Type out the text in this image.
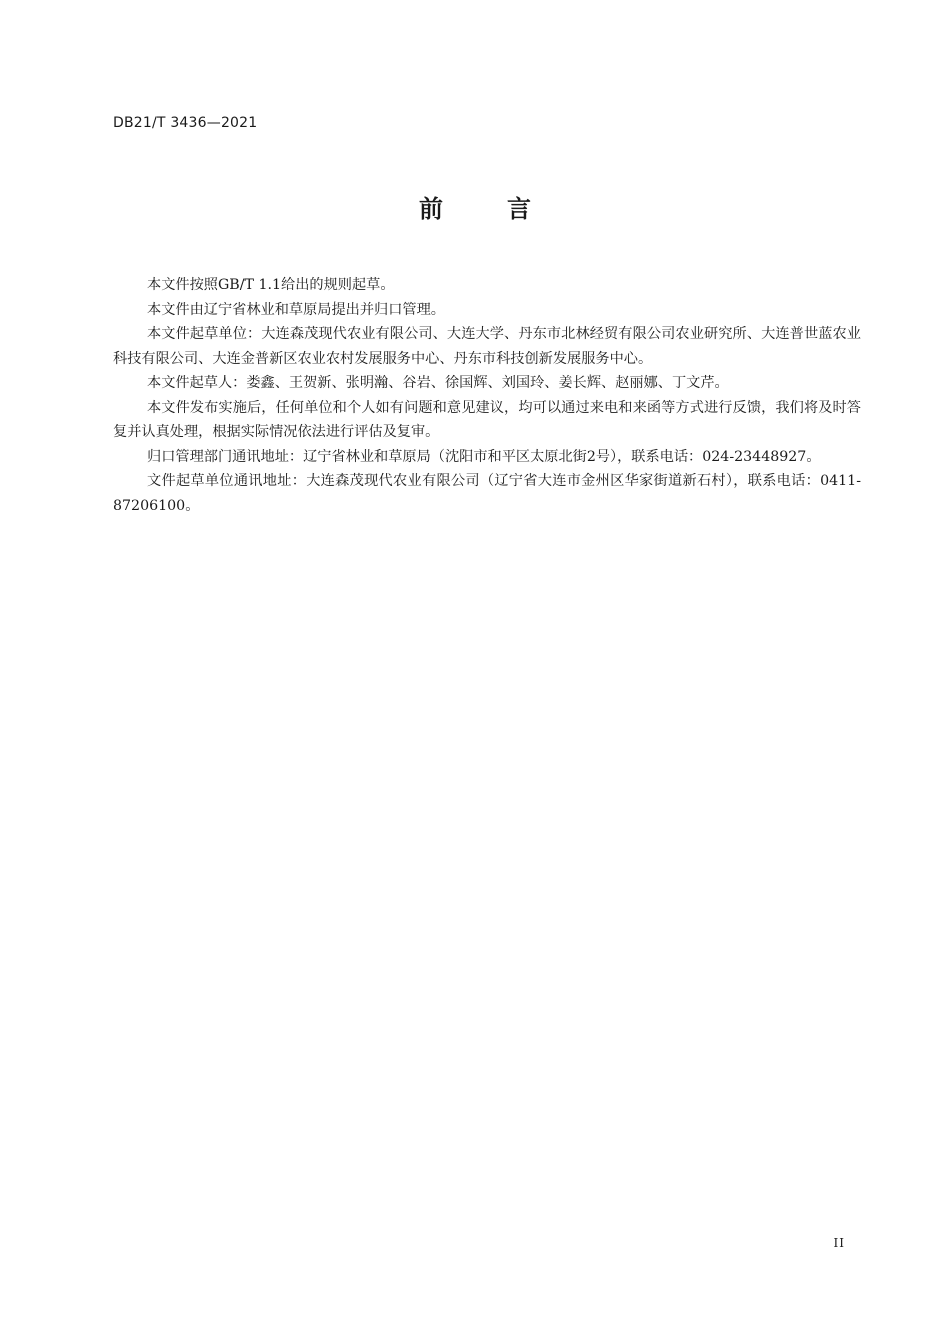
DB21/T 3436—2021
前言

本文件按照GB/T 1.1给出的规则起草。

本文件由辽宁省林业和草原局提出并归口管理。

本文件起草单位：大连森茂现代农业有限公司、大连大学、丹东市北林经贸有限公司农业研究所、大连普世蓝农业科技有限公司、大连金普新区农业农村发展服务中心、丹东市科技创新发展服务中心。

本文件起草人：娄鑫、王贺新、张明瀚、谷岩、徐国辉、刘国玲、姜长辉、赵丽娜、丁文芹。

本文件发布实施后，任何单位和个人如有问题和意见建议，均可以通过来电和来函等方式进行反馈，我们将及时答复并认真处理，根据实际情况依法进行评估及复审。

归口管理部门通讯地址：辽宁省林业和草原局（沈阳市和平区太原北街2号），联系电话：024-23448927。

文件起草单位通讯地址：大连森茂现代农业有限公司（辽宁省大连市金州区华家街道新石村），联系电话：0411-87206100。

II
